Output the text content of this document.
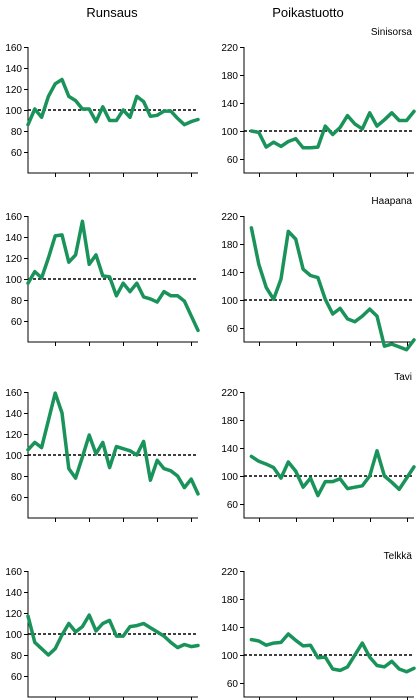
Runsaus	Poikastuotto
60
80
100
120
140
160
60
100
140
180
220
Sinisorsa
60
100
140
180
220
Haapana
60
80
100
120
140
160
60
80
100
120
140
160
60
100
140
180
220
Tavi
60
80
100
120
140
160
60
100
140
180
220
Telkkä
